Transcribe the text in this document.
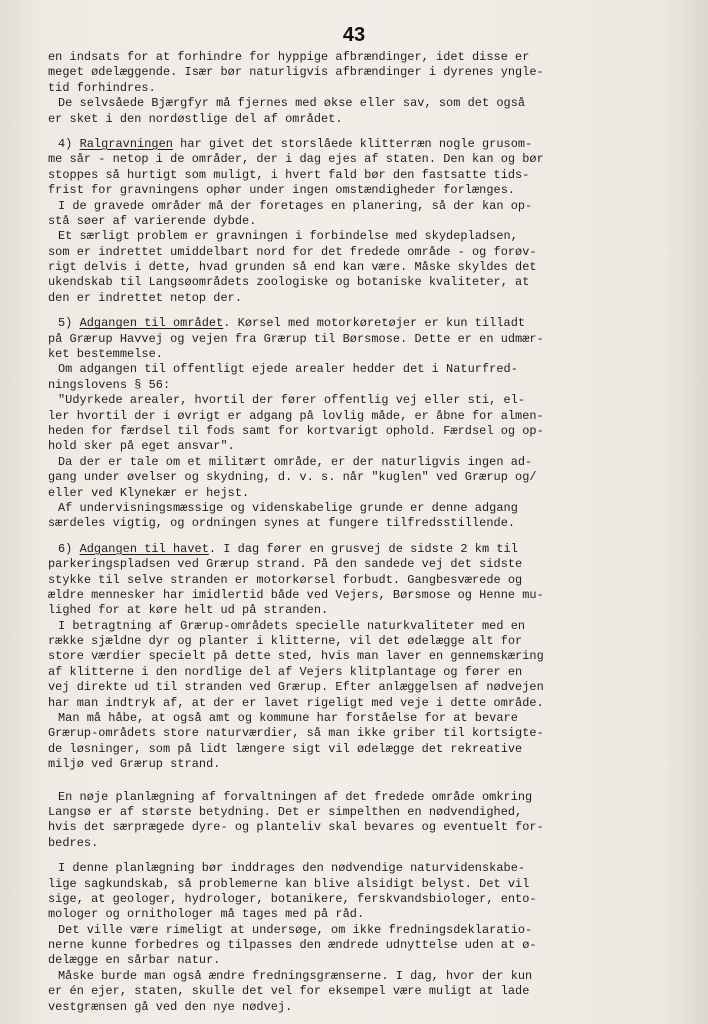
43
en indsats for at forhindre for hyppige afbrændinger, idet disse er
meget ødelæggende. Især bør naturligvis afbrændinger i dyrenes yngle-
tid forhindres.
De selvsåede Bjærgfyr må fjernes med økse eller sav, som det også
er sket i den nordøstlige del af området.
4) Ralgravningen har givet det storslåede klitterræn nogle grusom-
me sår - netop i de områder, der i dag ejes af staten. Den kan og bør
stoppes så hurtigt som muligt, i hvert fald bør den fastsatte tids-
frist for gravningens ophør under ingen omstændigheder forlænges.
I de gravede områder må der foretages en planering, så der kan op-
stå søer af varierende dybde.
Et særligt problem er gravningen i forbindelse med skydepladsen,
som er indrettet umiddelbart nord for det fredede område - og forøv-
rigt delvis i dette, hvad grunden så end kan være. Måske skyldes det
ukendskab til Langsøområdets zoologiske og botaniske kvaliteter, at
den er indrettet netop der.
5) Adgangen til området. Kørsel med motorkøretøjer er kun tilladt
på Grærup Havvej og vejen fra Grærup til Børsmose. Dette er en udmær-
ket bestemmelse.
Om adgangen til offentligt ejede arealer hedder det i Naturfred-
ningslovens § 56:
"Udyrkede arealer, hvortil der fører offentlig vej eller sti, el-
ler hvortil der i øvrigt er adgang på lovlig måde, er åbne for almen-
heden for færdsel til fods samt for kortvarigt ophold. Færdsel og op-
hold sker på eget ansvar".
Da der er tale om et militært område, er der naturligvis ingen ad-
gang under øvelser og skydning, d. v. s. når "kuglen" ved Grærup og/
eller ved Klynekær er hejst.
Af undervisningsmæssige og videnskabelige grunde er denne adgang
særdeles vigtig, og ordningen synes at fungere tilfredsstillende.
6) Adgangen til havet. I dag fører en grusvej de sidste 2 km til
parkeringspladsen ved Grærup strand. På den sandede vej det sidste
stykke til selve stranden er motorkørsel forbudt. Gangbesværede og
ældre mennesker har imidlertid både ved Vejers, Børsmose og Henne mu-
lighed for at køre helt ud på stranden.
I betragtning af Grærup-områdets specielle naturkvaliteter med en
række sjældne dyr og planter i klitterne, vil det ødelægge alt for
store værdier specielt på dette sted, hvis man laver en gennemskæring
af klitterne i den nordlige del af Vejers klitplantage og fører en
vej direkte ud til stranden ved Grærup. Efter anlæggelsen af nødvejen
har man indtryk af, at der er lavet rigeligt med veje i dette område.
Man må håbe, at også amt og kommune har forståelse for at bevare
Grærup-områdets store naturværdier, så man ikke griber til kortsigte-
de løsninger, som på lidt længere sigt vil ødelægge det rekreative
miljø ved Grærup strand.
En nøje planlægning af forvaltningen af det fredede område omkring
Langsø er af største betydning. Det er simpelthen en nødvendighed,
hvis det særprægede dyre- og planteliv skal bevares og eventuelt for-
bedres.
I denne planlægning bør inddrages den nødvendige naturvidenskabe-
lige sagkundskab, så problemerne kan blive alsidigt belyst. Det vil
sige, at geologer, hydrologer, botanikere, ferskvandsbiologer, ento-
mologer og ornithologer må tages med på råd.
Det ville være rimeligt at undersøge, om ikke fredningsdeklaratio-
nerne kunne forbedres og tilpasses den ændrede udnyttelse uden at ø-
delægge en sårbar natur.
Måske burde man også ændre fredningsgrænserne. I dag, hvor der kun
er én ejer, staten, skulle det vel for eksempel være muligt at lade
vestgrænsen gå ved den nye nødvej.
